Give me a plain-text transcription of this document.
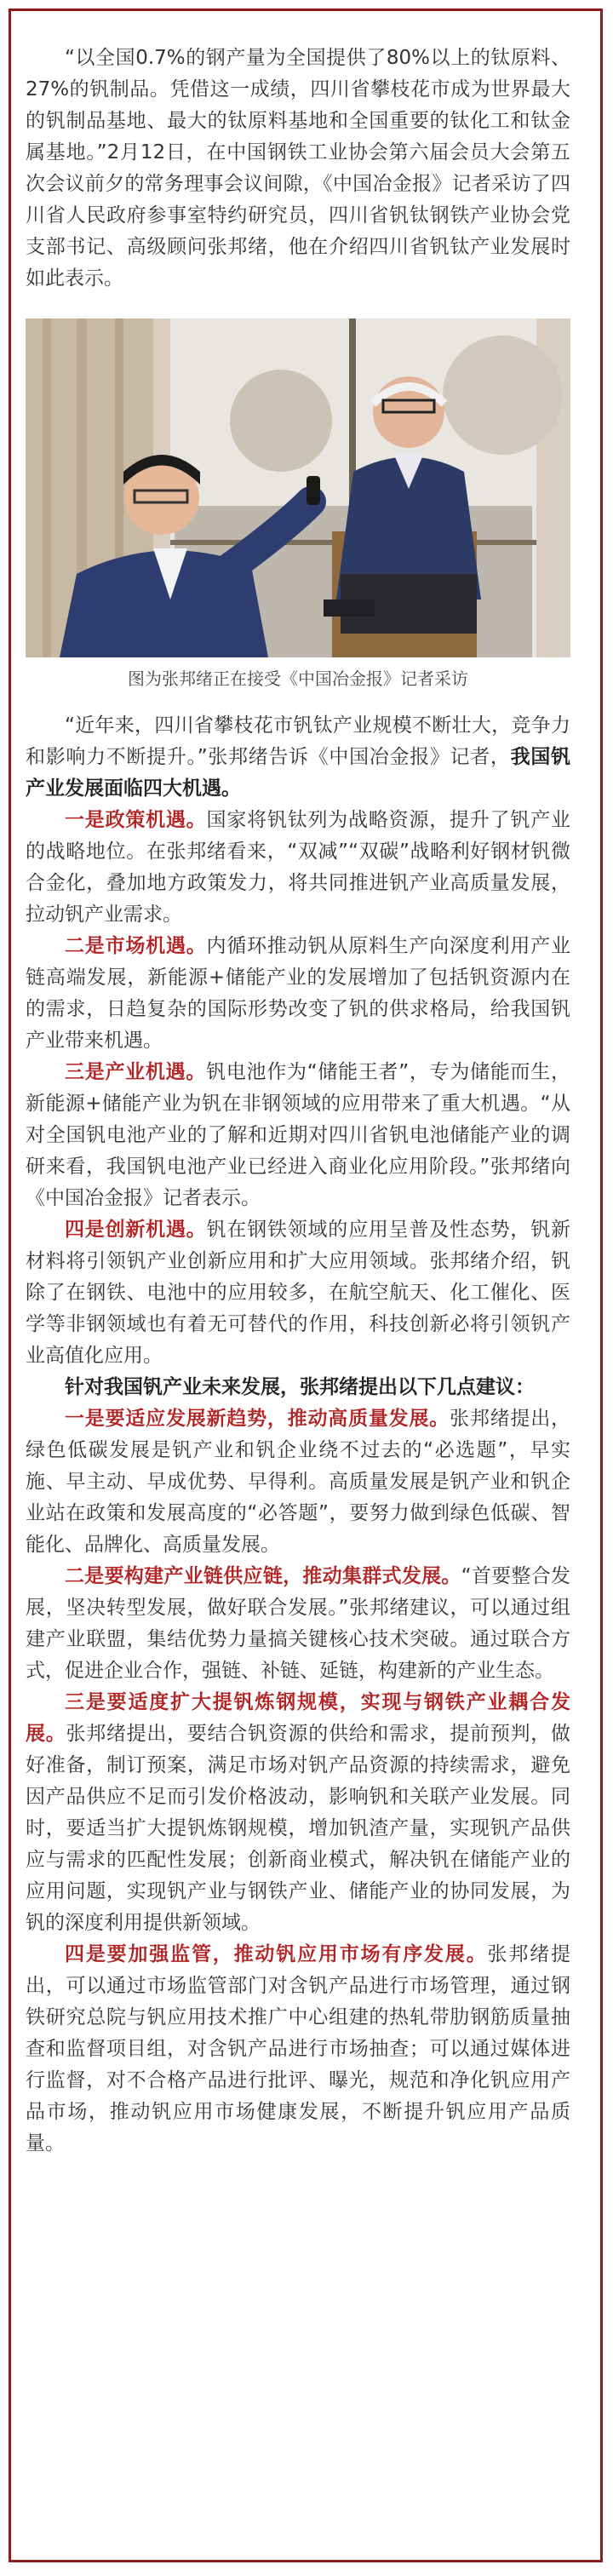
“以全国0.7%的钢产量为全国提供了80%以上的钛原料、27%的钒制品。凭借这一成绩，四川省攀枝花市成为世界最大的钒制品基地、最大的钛原料基地和全国重要的钛化工和钛金属基地。”2月12日，在中国钢铁工业协会第六届会员大会第五次会议前夕的常务理事会议间隙，《中国冶金报》记者采访了四川省人民政府参事室特约研究员，四川省钒钛钢铁产业协会党支部书记、高级顾问张邦绪，他在介绍四川省钒钛产业发展时如此表示。

图为张邦绪正在接受《中国冶金报》记者采访

“近年来，四川省攀枝花市钒钛产业规模不断壮大，竞争力和影响力不断提升。”张邦绪告诉《中国冶金报》记者，我国钒产业发展面临四大机遇。

一是政策机遇。国家将钒钛列为战略资源，提升了钒产业的战略地位。在张邦绪看来，“双减”“双碳”战略利好钢材钒微合金化，叠加地方政策发力，将共同推进钒产业高质量发展，拉动钒产业需求。

二是市场机遇。内循环推动钒从原料生产向深度利用产业链高端发展，新能源+储能产业的发展增加了包括钒资源内在的需求，日趋复杂的国际形势改变了钒的供求格局，给我国钒产业带来机遇。

三是产业机遇。钒电池作为“储能王者”，专为储能而生，新能源+储能产业为钒在非钢领域的应用带来了重大机遇。“从对全国钒电池产业的了解和近期对四川省钒电池储能产业的调研来看，我国钒电池产业已经进入商业化应用阶段。”张邦绪向《中国冶金报》记者表示。

四是创新机遇。钒在钢铁领域的应用呈普及性态势，钒新材料将引领钒产业创新应用和扩大应用领域。张邦绪介绍，钒除了在钢铁、电池中的应用较多，在航空航天、化工催化、医学等非钢领域也有着无可替代的作用，科技创新必将引领钒产业高值化应用。

针对我国钒产业未来发展，张邦绪提出以下几点建议：

一是要适应发展新趋势，推动高质量发展。张邦绪提出，绿色低碳发展是钒产业和钒企业绕不过去的“必选题”，早实施、早主动、早成优势、早得利。高质量发展是钒产业和钒企业站在政策和发展高度的“必答题”，要努力做到绿色低碳、智能化、品牌化、高质量发展。

二是要构建产业链供应链，推动集群式发展。“首要整合发展，坚决转型发展，做好联合发展。”张邦绪建议，可以通过组建产业联盟，集结优势力量搞关键核心技术突破。通过联合方式，促进企业合作，强链、补链、延链，构建新的产业生态。

三是要适度扩大提钒炼钢规模，实现与钢铁产业耦合发展。张邦绪提出，要结合钒资源的供给和需求，提前预判，做好准备，制订预案，满足市场对钒产品资源的持续需求，避免因产品供应不足而引发价格波动，影响钒和关联产业发展。同时，要适当扩大提钒炼钢规模，增加钒渣产量，实现钒产品供应与需求的匹配性发展；创新商业模式，解决钒在储能产业的应用问题，实现钒产业与钢铁产业、储能产业的协同发展，为钒的深度利用提供新领域。

四是要加强监管，推动钒应用市场有序发展。张邦绪提出，可以通过市场监管部门对含钒产品进行市场管理，通过钢铁研究总院与钒应用技术推广中心组建的热轧带肋钢筋质量抽查和监督项目组，对含钒产品进行市场抽查；可以通过媒体进行监督，对不合格产品进行批评、曝光，规范和净化钒应用产品市场，推动钒应用市场健康发展，不断提升钒应用产品质量。
